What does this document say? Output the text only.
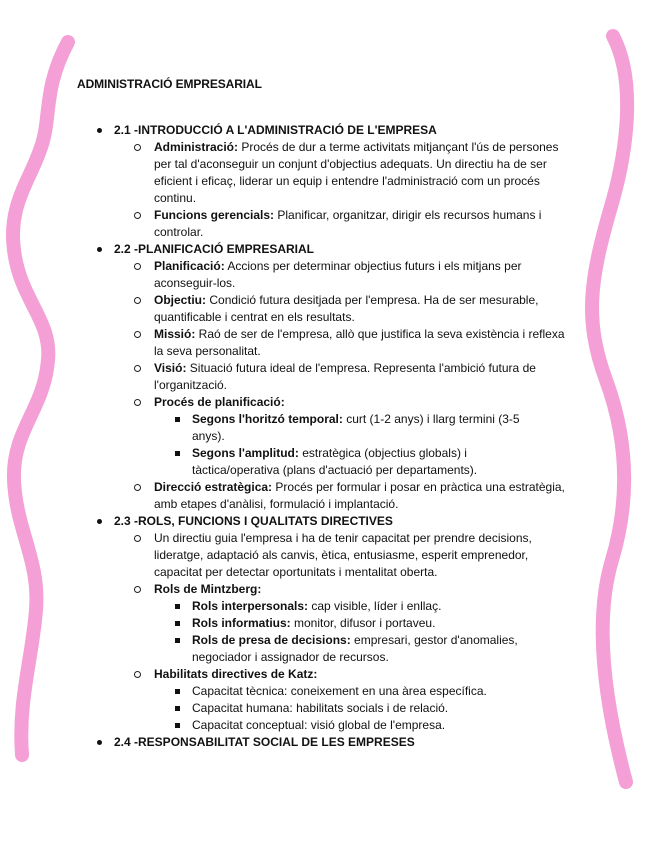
ADMINISTRACIÓ EMPRESARIAL
2.1 -INTRODUCCIÓ A L'ADMINISTRACIÓ DE L'EMPRESA
Administració: Procés de dur a terme activitats mitjançant l'ús de persones per tal d'aconseguir un conjunt d'objectius adequats. Un directiu ha de ser eficient i eficaç, liderar un equip i entendre l'administració com un procés continu.
Funcions gerencials: Planificar, organitzar, dirigir els recursos humans i controlar.
2.2 -PLANIFICACIÓ EMPRESARIAL
Planificació: Accions per determinar objectius futurs i els mitjans per aconseguir-los.
Objectiu: Condició futura desitjada per l'empresa. Ha de ser mesurable, quantificable i centrat en els resultats.
Missió: Raó de ser de l'empresa, allò que justifica la seva existència i reflexa la seva personalitat.
Visió: Situació futura ideal de l'empresa. Representa l'ambició futura de l'organització.
Procés de planificació:
Segons l'horitzó temporal: curt (1-2 anys) i llarg termini (3-5 anys).
Segons l'amplitud: estratègica (objectius globals) i tàctica/operativa (plans d'actuació per departaments).
Direcció estratègica: Procés per formular i posar en pràctica una estratègia, amb etapes d'anàlisi, formulació i implantació.
2.3 -ROLS, FUNCIONS I QUALITATS DIRECTIVES
Un directiu guia l'empresa i ha de tenir capacitat per prendre decisions, lideratge, adaptació als canvis, ètica, entusiasme, esperit emprenedor, capacitat per detectar oportunitats i mentalitat oberta.
Rols de Mintzberg:
Rols interpersonals: cap visible, líder i enllaç.
Rols informatius: monitor, difusor i portaveu.
Rols de presa de decisions: empresari, gestor d'anomalies, negociador i assignador de recursos.
Habilitats directives de Katz:
Capacitat tècnica: coneixement en una àrea específica.
Capacitat humana: habilitats socials i de relació.
Capacitat conceptual: visió global de l'empresa.
2.4 -RESPONSABILITAT SOCIAL DE LES EMPRESES
